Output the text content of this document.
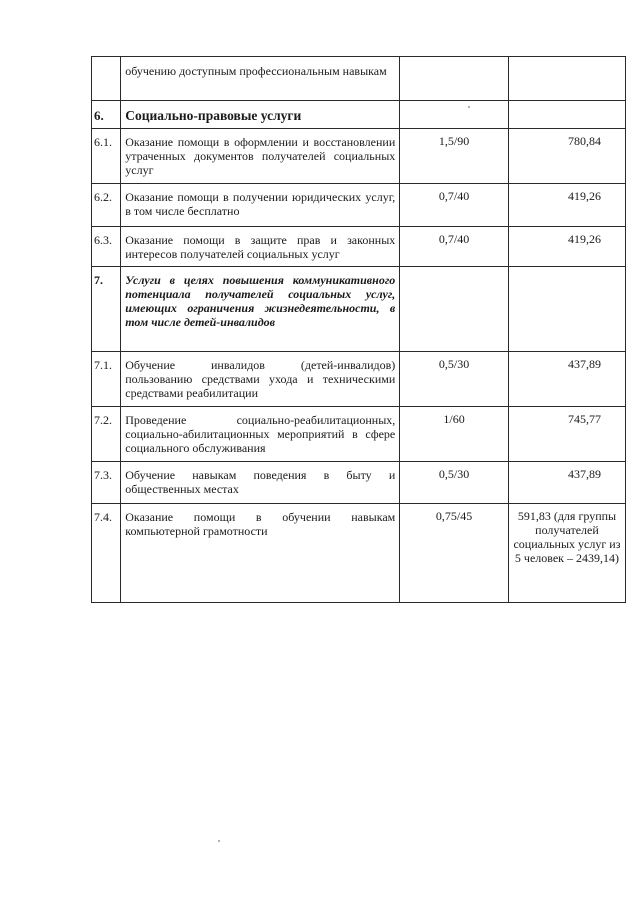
	обучению доступным профессиональным навыкам		
6.	Социально-правовые услуги		
6.1.	Оказание помощи в оформлении и восстановлении утраченных документов получателей социальных услуг	1,5/90	780,84
6.2.	Оказание помощи в получении юридических услуг, в том числе бесплатно	0,7/40	419,26
6.3.	Оказание помощи в защите прав и законных интересов получателей социальных услуг	0,7/40	419,26
7.	Услуги в целях повышения коммуникативного потенциала получателей социальных услуг, имеющих ограничения жизнедеятельности, в том числе детей-инвалидов		
7.1.	Обучение инвалидов (детей-инвалидов) пользованию средствами ухода и техническими средствами реабилитации	0,5/30	437,89
7.2.	Проведение социально-реабилитационных, социально-абилитационных мероприятий в сфере социального обслуживания	1/60	745,77
7.3.	Обучение навыкам поведения в быту и общественных местах	0,5/30	437,89
7.4.	Оказание помощи в обучении навыкам компьютерной грамотности	0,75/45	591,83 (для группы получателей социальных услуг из 5 человек – 2439,14)
